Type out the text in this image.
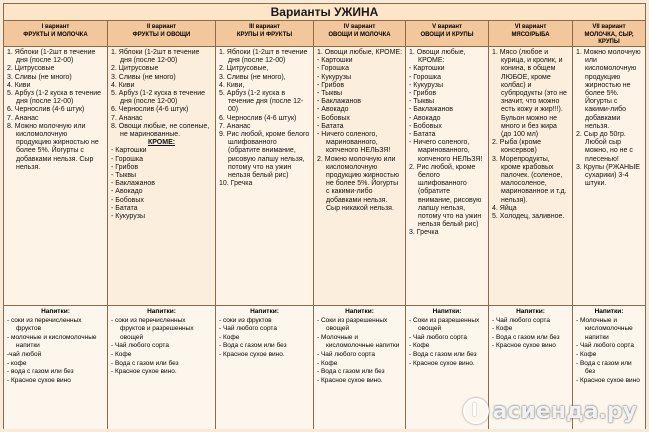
Варианты УЖИНА
I вариант
ФРУКТЫ И МОЛОЧКА
II вариант
ФРУКТЫ И ОВОЩИ
III вариант
КРУПЫ И ФРУКТЫ
IV вариант
ОВОЩИ И МОЛОЧКА
V вариант
ОВОЩИ И КРУПЫ
VI вариант
МЯСО/РЫБА
VII вариант
МОЛОЧКА, СЫР, КРУПЫ
1. Яблоки (1-2шт в течение дня (после 12-00)
2. Цитрусовые
3. Сливы (не много)
4. Киви
5. Арбуз (1-2 куска в течение дня (после 12-00)
6. Чернослив (4-6 штук)
7. Ананас
8. Можно молочную или кисломолочную продукцию жирностью не более 5%. Йогурты с добавками нельзя. Сыр нельзя.
1. Яблоки (1-2шт в течение дня (после 12-00)
2. Цитрусовые
3. Сливы (не много)
4. Киви
5. Арбуз (1-2 куска в течение дня (после 12-00)
6. Чернослив (4-6 штук)
7. Ананас
8. Овощи любые, не соленые, не маринованные.
КРОМЕ:
- Картошки
- Горошка
- Грибов
- Тыквы
- Баклажанов
- Авокадо
- Бобовых
- Батата
- Кукурузы
1. Яблоки (1-2шт в течение дня (после 12-00)
2. Цитрусовые,
3. Сливы (не много),
4. Киви,
5. Арбуз (1-2 куска в течение дня (после 12-00)
6. Чернослив (4-6 штук)
7. Ананас
9. Рис любой, кроме белого шлифованного (обратите внимание, рисовую лапшу нельзя, потому что на ужин нельзя белый рис)
10. Гречка
1. Овощи любые, КРОМЕ:
- Картошки
- Горошка
- Кукурузы
- Грибов
- Тыквы
- Баклажанов
- Авокадо
- Бобовых
- Батата
- Ничего соленого, маринованного, копченого НЕЛЬЗЯ!
2. Можно молочную или кисломолочную продукцию жирностью не более 5%. Йогурты с какими-либо добавками нельзя. Сыр никакой нельзя.
1. Овощи любые, КРОМЕ:
- Картошки
- Горошка
- Кукурузы
- Грибов
- Тыквы
- Баклажанов
- Авокадо
- Бобовых
- Батата
- Ничего соленого, маринованного, копченого НЕЛЬЗЯ!
2. Рис любой, кроме белого шлифованного (обратите внимание, рисовую лапшу нельзя, потому что на ужин нельзя белый рис)
3. Гречка
1. Мясо (любое и курица, и кролик, и конина, в общем ЛЮБОЕ, кроме колбас) и субпродукты (это не значит, что можно есть кожу и жир!!!). Бульон можно не много и без жира (до 100 мл)
2. Рыба (кроме консервов)
3. Морепродукты, кроме крабовых палочек. (соленое, малосоленое, маринованное и т.д. нельзя).
4. Яйца
5. Холодец, заливное.
1. Можно молочную или кисломолочную продукцию жирностью не более 5%. Йогурты с какими-либо добавками нельзя.
2. Сыр до 50гр. Любой сыр можно, но не с плесенью!
3. Крупы (РЖАНЫЕ сухарики) 3-4 штуки.
Напитки:
- соки из перечисленных фруктов
- молочные и кисломолочные напитки
-чай любой
- кофе
- вода с газом или без
- Красное сухое вино
Напитки:
- соки из перечисленных фруктов и разрешенных овощей
- Чай любого сорта
- Кофе
- Вода с газом или без
- Красное сухое вино.
Напитки:
- соки из фруктов
- Чай любого сорта
- Кофе
- Вода с газом или без
- Красное сухое вино.
Напитки:
- Соки из разрешенных овощей
- Молочные и кисломолочные напитки
- Чай любого сорта
- Кофе
- Вода с газом или без
- Красное сухое вино.
Напитки:
- Соки из разрешенных овощей
- Чай любого сорта
- Кофе
- Вода с газом или без
- Красное сухое вино.
Напитки:
- Чай любого сорта
- Кофе
- Вода с газом или без
- Красное сухое вино
Напитки:
- Молочные и кисломолочные напитки
- Чай любого сорта
- Кофе
- Вода с газом или без
- Красное сухое вино
асиенда.ру
